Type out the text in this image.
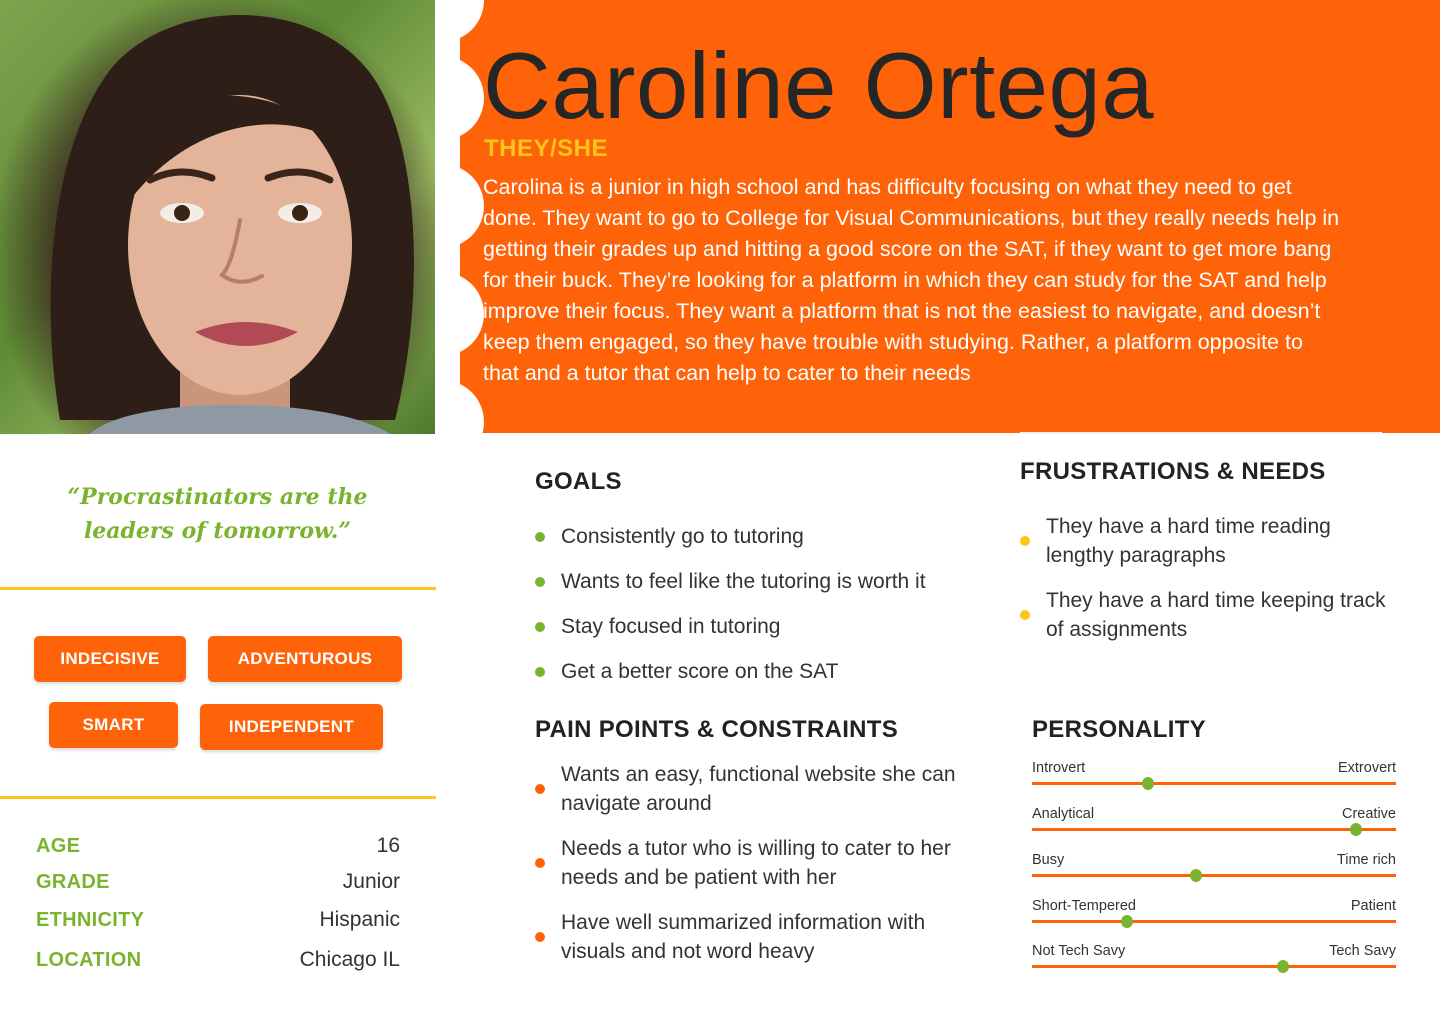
Caroline Ortega
THEY/SHE

Carolina is a junior in high school and has difficulty focusing on what they need to get done. They want to go to College for Visual Communications, but they really needs help in getting their grades up and hitting a good score on the SAT, if they want to get more bang for their buck. They’re looking for a platform in which they can study for the SAT and help improve their focus. They want a platform that is not the easiest to navigate, and doesn’t keep them engaged, so they have trouble with studying. Rather, a platform opposite to that and a tutor that can help to cater to their needs

“Procrastinators are the leaders of tomorrow.”

INDECISIVE	ADVENTUROUS
SMART	INDEPENDENT
AGE	16
GRADE	Junior
ETHNICITY	Hispanic
LOCATION	Chicago IL
GOALS
Consistently go to tutoring
Wants to feel like the tutoring is worth it
Stay focused in tutoring
Get a better score on the SAT
PAIN POINTS & CONSTRAINTS
Wants an easy, functional website she can navigate around
Needs a tutor who is willing to cater to her needs and be patient with her
Have well summarized information with visuals and not word heavy
FRUSTRATIONS & NEEDS
They have a hard time reading lengthy paragraphs
They have a hard time keeping track of assignments
PERSONALITY
Introvert	Extrovert
Analytical	Creative
Busy	Time rich
Short-Tempered	Patient
Not Tech Savy	Tech Savy
